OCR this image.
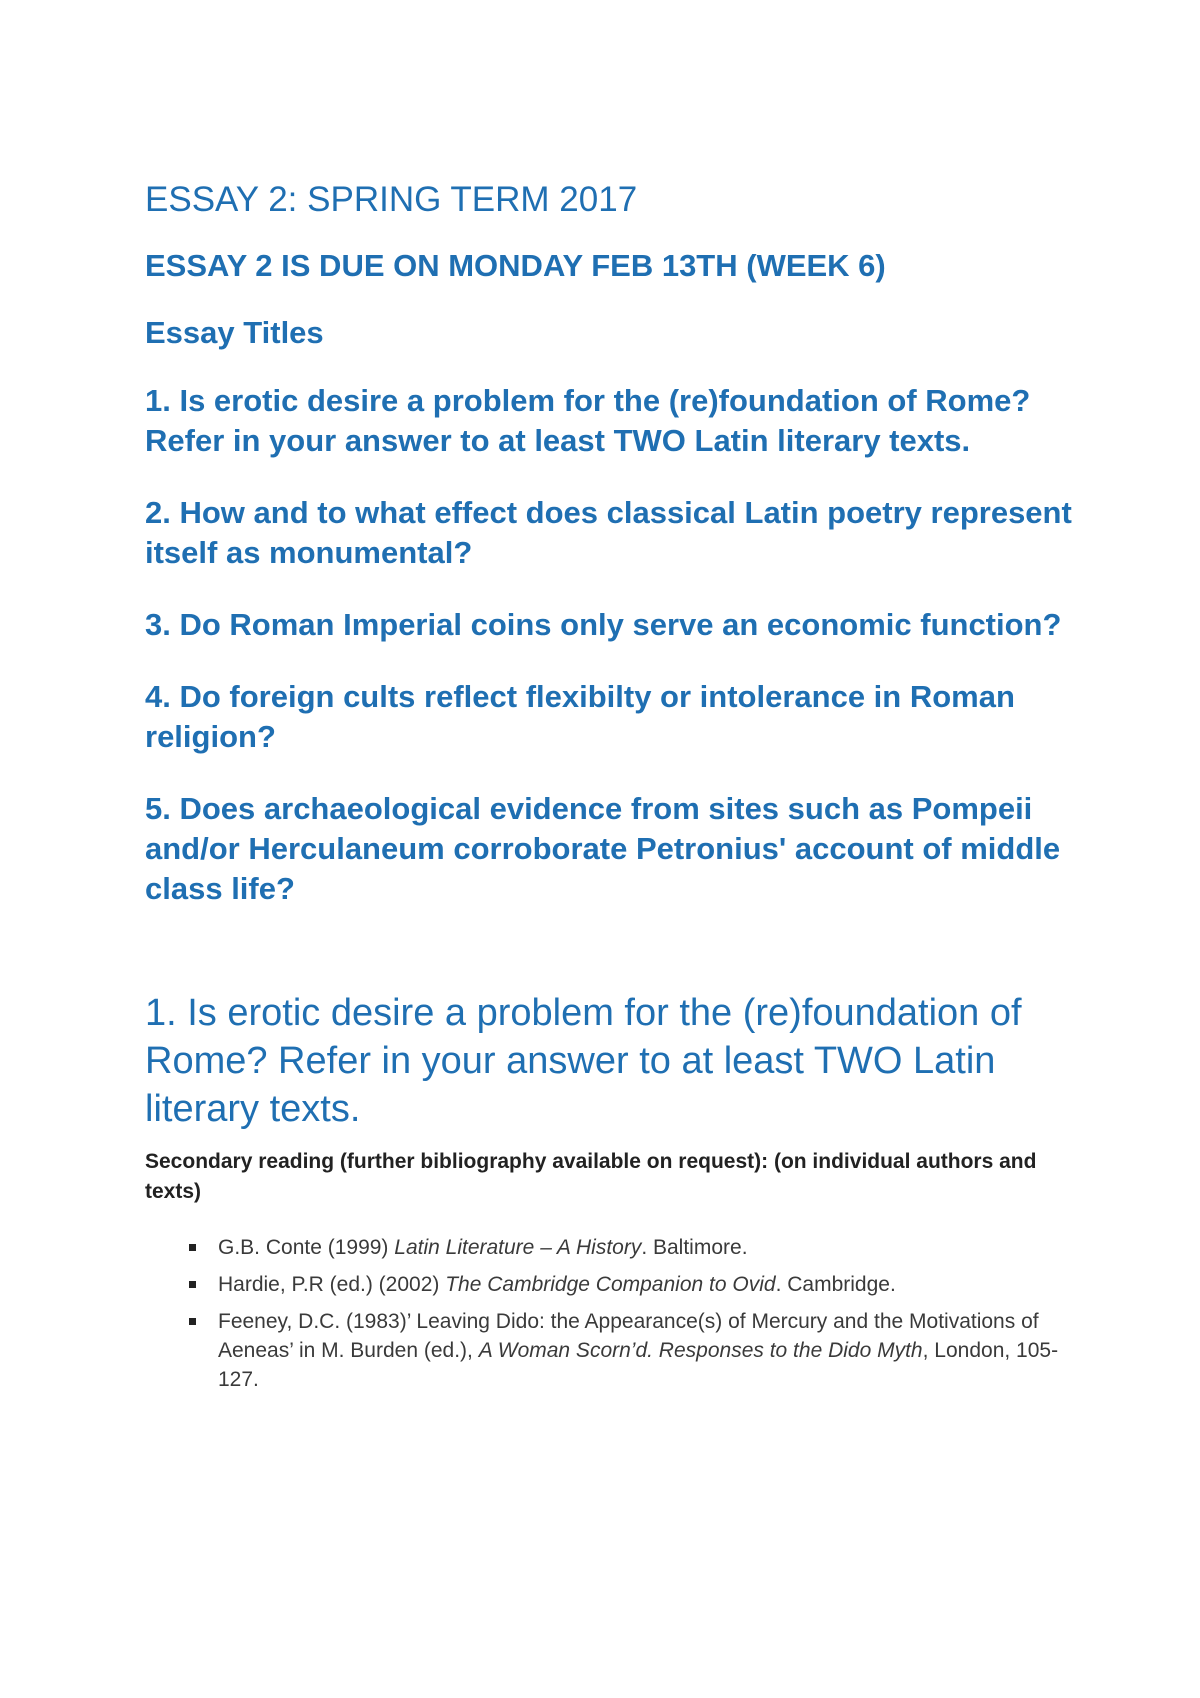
ESSAY 2: SPRING TERM 2017
ESSAY 2 IS DUE ON MONDAY FEB 13TH (WEEK 6)
Essay Titles
1. Is erotic desire a problem for the (re)foundation of Rome? Refer in your answer to at least TWO Latin literary texts.
2. How and to what effect does classical Latin poetry represent itself as monumental?
3. Do Roman Imperial coins only serve an economic function?
4. Do foreign cults reflect flexibilty or intolerance in Roman religion?
5. Does archaeological evidence from sites such as Pompeii and/or Herculaneum corroborate Petronius' account of middle class life?
1. Is erotic desire a problem for the (re)foundation of Rome? Refer in your answer to at least TWO Latin literary texts.
Secondary reading (further bibliography available on request): (on individual authors and texts)
G.B. Conte (1999) Latin Literature – A History. Baltimore.
Hardie, P.R (ed.) (2002) The Cambridge Companion to Ovid. Cambridge.
Feeney, D.C. (1983)’ Leaving Dido: the Appearance(s) of Mercury and the Motivations of Aeneas’ in M. Burden (ed.), A Woman Scorn’d. Responses to the Dido Myth, London, 105-127.
